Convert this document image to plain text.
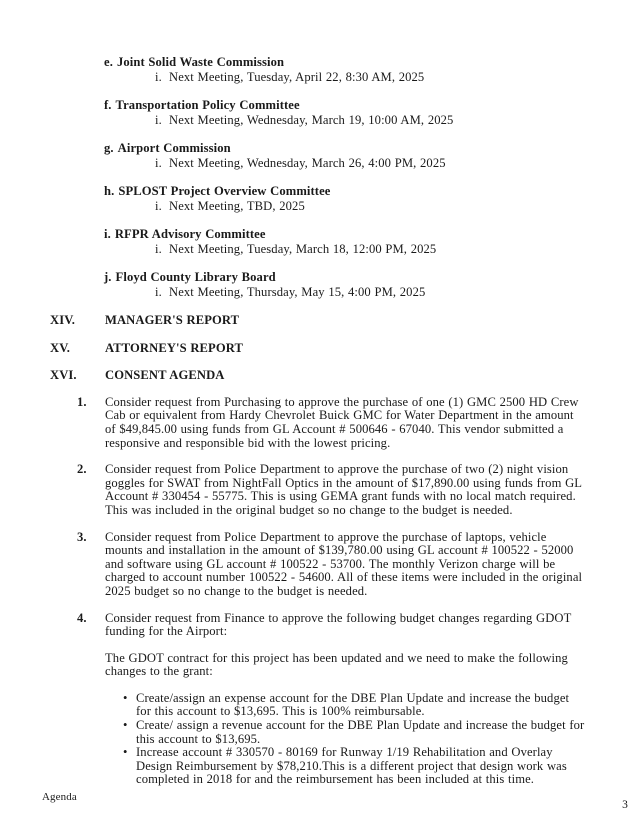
e. Joint Solid Waste Commission
i. Next Meeting, Tuesday, April 22, 8:30 AM, 2025
f. Transportation Policy Committee
i. Next Meeting, Wednesday, March 19, 10:00 AM, 2025
g. Airport Commission
i. Next Meeting, Wednesday, March 26, 4:00 PM, 2025
h. SPLOST Project Overview Committee
i. Next Meeting, TBD, 2025
i. RFPR Advisory Committee
i. Next Meeting, Tuesday, March 18, 12:00 PM, 2025
j. Floyd County Library Board
i. Next Meeting, Thursday, May 15, 4:00 PM, 2025
XIV.	MANAGER'S REPORT
XV.	ATTORNEY'S REPORT
XVI.	CONSENT AGENDA
1.	Consider request from Purchasing to approve the purchase of one (1) GMC 2500 HD Crew Cab or equivalent from Hardy Chevrolet Buick GMC for Water Department in the amount of $49,845.00 using funds from GL Account # 500646 - 67040. This vendor submitted a responsive and responsible bid with the lowest pricing.

2.	Consider request from Police Department to approve the purchase of two (2) night vision goggles for SWAT from NightFall Optics in the amount of $17,890.00 using funds from GL Account # 330454 - 55775. This is using GEMA grant funds with no local match required. This was included in the original budget so no change to the budget is needed.

3.	Consider request from Police Department to approve the purchase of laptops, vehicle mounts and installation in the amount of $139,780.00 using GL account # 100522 - 52000 and software using GL account # 100522 - 53700. The monthly Verizon charge will be charged to account number 100522 - 54600. All of these items were included in the original 2025 budget so no change to the budget is needed.

4.	Consider request from Finance to approve the following budget changes regarding GDOT funding for the Airport:

The GDOT contract for this project has been updated and we need to make the following changes to the grant:

•
Create/assign an expense account for the DBE Plan Update and increase the budget for this account to $13,695. This is 100% reimbursable.
•
Create/ assign a revenue account for the DBE Plan Update and increase the budget for this account to $13,695.
•
Increase account # 330570 - 80169 for Runway 1/19 Rehabilitation and Overlay Design Reimbursement by $78,210.This is a different project that design work was completed in 2018 for and the reimbursement has been included at this time.
Agenda
3
